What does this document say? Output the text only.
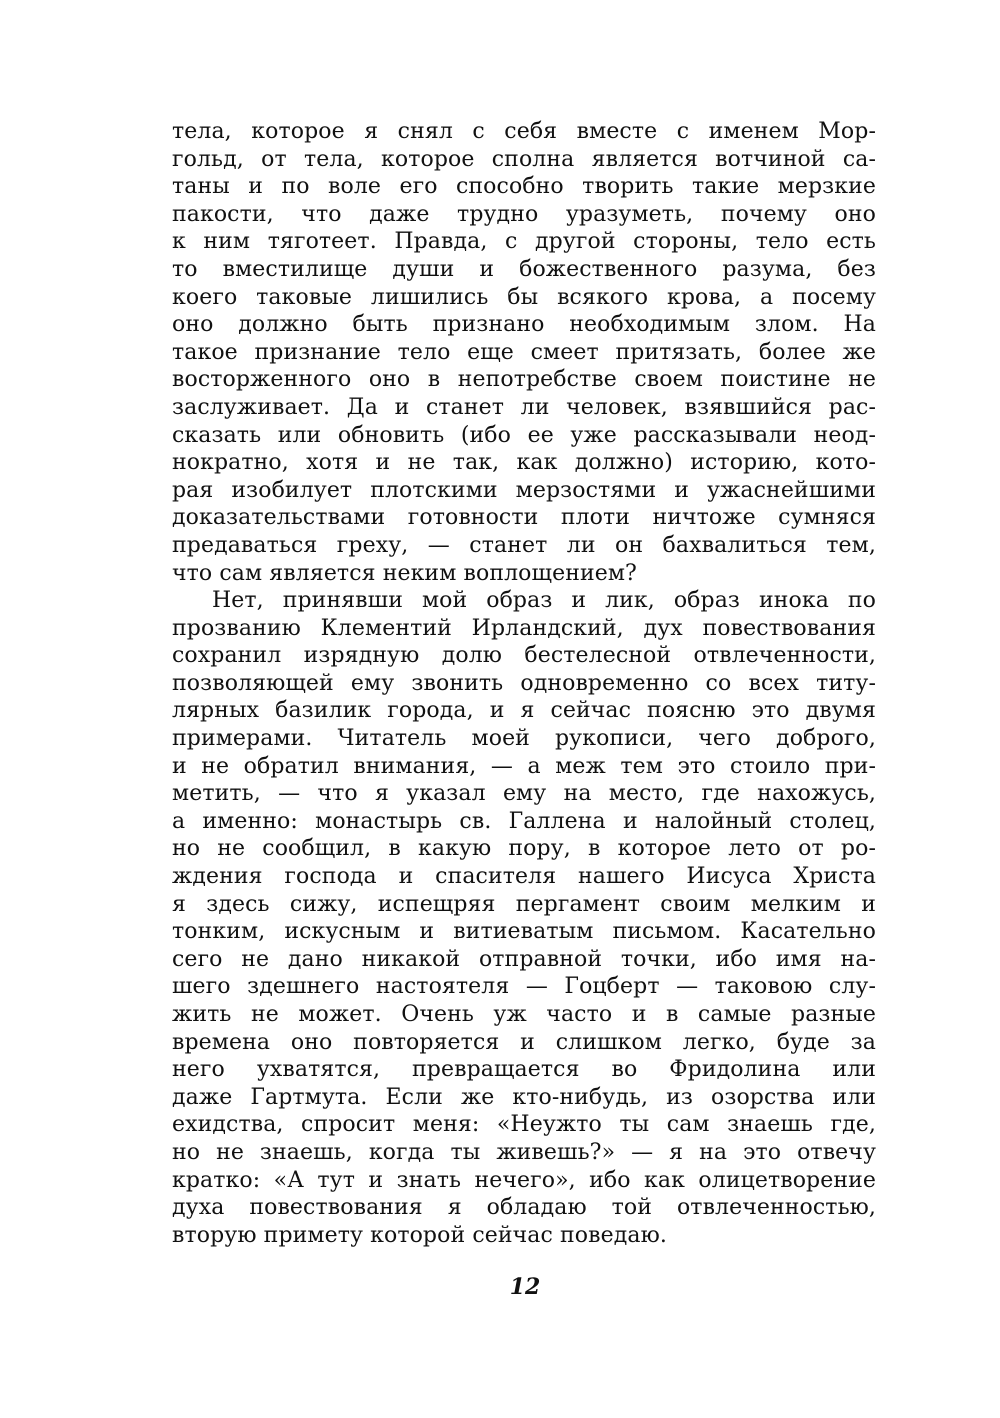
тела, которое я снял с себя вместе с именем Мор-
гольд, от тела, которое сполна является вотчиной са-
таны и по воле его способно творить такие мерзкие
пакости, что даже трудно уразуметь, почему оно
к ним тяготеет. Правда, с другой стороны, тело есть
то вместилище души и божественного разума, без
коего таковые лишились бы всякого крова, а посему
оно должно быть признано необходимым злом. На
такое признание тело еще смеет притязать, более же
восторженного оно в непотребстве своем поистине не
заслуживает. Да и станет ли человек, взявшийся рас-
сказать или обновить (ибо ее уже рассказывали неод-
нократно, хотя и не так, как должно) историю, кото-
рая изобилует плотскими мерзостями и ужаснейшими
доказательствами готовности плоти ничтоже сумняся
предаваться греху, — станет ли он бахвалиться тем,
что сам является неким воплощением?
Нет, принявши мой образ и лик, образ инока по
прозванию Клементий Ирландский, дух повествования
сохранил изрядную долю бестелесной отвлеченности,
позволяющей ему звонить одновременно со всех титу-
лярных базилик города, и я сейчас поясню это двумя
примерами. Читатель моей рукописи, чего доброго,
и не обратил внимания, — а меж тем это стоило при-
метить, — что я указал ему на место, где нахожусь,
а именно: монастырь св. Галлена и налойный столец,
но не сообщил, в какую пору, в которое лето от ро-
ждения господа и спасителя нашего Иисуса Христа
я здесь сижу, испещряя пергамент своим мелким и
тонким, искусным и витиеватым письмом. Касательно
сего не дано никакой отправной точки, ибо имя на-
шего здешнего настоятеля — Гоцберт — таковою слу-
жить не может. Очень уж часто и в самые разные
времена оно повторяется и слишком легко, буде за
него ухватятся, превращается во Фридолина или
даже Гартмута. Если же кто-нибудь, из озорства или
ехидства, спросит меня: «Неужто ты сам знаешь где,
но не знаешь, когда ты живешь?» — я на это отвечу
кратко: «А тут и знать нечего», ибо как олицетворение
духа повествования я обладаю той отвлеченностью,
вторую примету которой сейчас поведаю.
12
